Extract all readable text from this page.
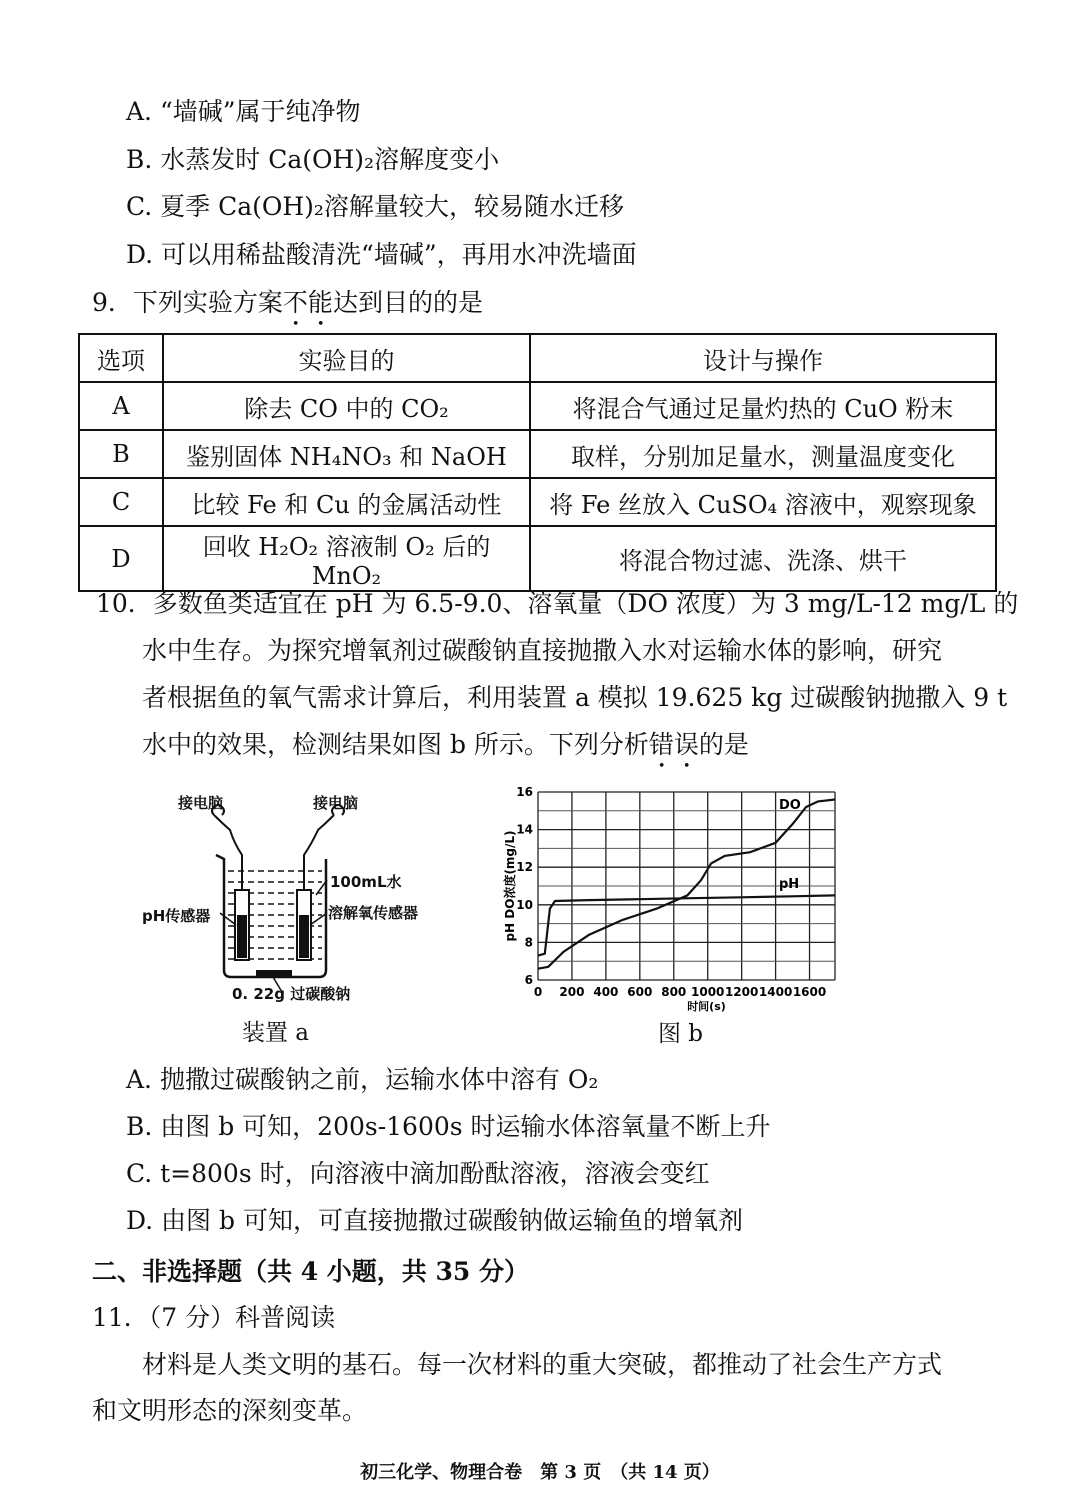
A. “墙碱”属于纯净物
B. 水蒸发时 Ca(OH)₂溶解度变小
C. 夏季 Ca(OH)₂溶解量较大，较易随水迁移
D. 可以用稀盐酸清洗“墙碱”，再用水冲洗墙面
9．下列实验方案不能达到目的的是
选项	实验目的	设计与操作
A	除去 CO 中的 CO₂	将混合气通过足量灼热的 CuO 粉末
B	鉴别固体 NH₄NO₃ 和 NaOH	取样，分别加足量水，测量温度变化
C	比较 Fe 和 Cu 的金属活动性	将 Fe 丝放入 CuSO₄ 溶液中，观察现象
D	回收 H₂O₂ 溶液制 O₂ 后的 MnO₂	将混合物过滤、洗涤、烘干
10．多数鱼类适宜在 pH 为 6.5-9.0、溶氧量（DO 浓度）为 3 mg/L-12 mg/L 的
水中生存。为探究增氧剂过碳酸钠直接抛撒入水对运输水体的影响，研究
者根据鱼的氧气需求计算后，利用装置 a 模拟 19.625 kg 过碳酸钠抛撒入 9 t
水中的效果，检测结果如图 b 所示。下列分析错误的是
接电脑	接电脑
100mL水
pH传感器	溶解氧传感器
0. 22g 过碳酸钠
装置 a
0 200 400 600 800 1000 1200 1400 1600
6
8
10
12
14
16
时间(s)
pH DO浓度(mg/L)
DO
pH
图 b
A. 抛撒过碳酸钠之前，运输水体中溶有 O₂
B. 由图 b 可知，200s-1600s 时运输水体溶氧量不断上升
C. t=800s 时，向溶液中滴加酚酞溶液，溶液会变红
D. 由图 b 可知，可直接抛撒过碳酸钠做运输鱼的增氧剂
二、非选择题（共 4 小题，共 35 分）
11．（7 分）科普阅读
材料是人类文明的基石。每一次材料的重大突破，都推动了社会生产方式
和文明形态的深刻变革。
初三化学、物理合卷　第 3 页　（共 14 页）
